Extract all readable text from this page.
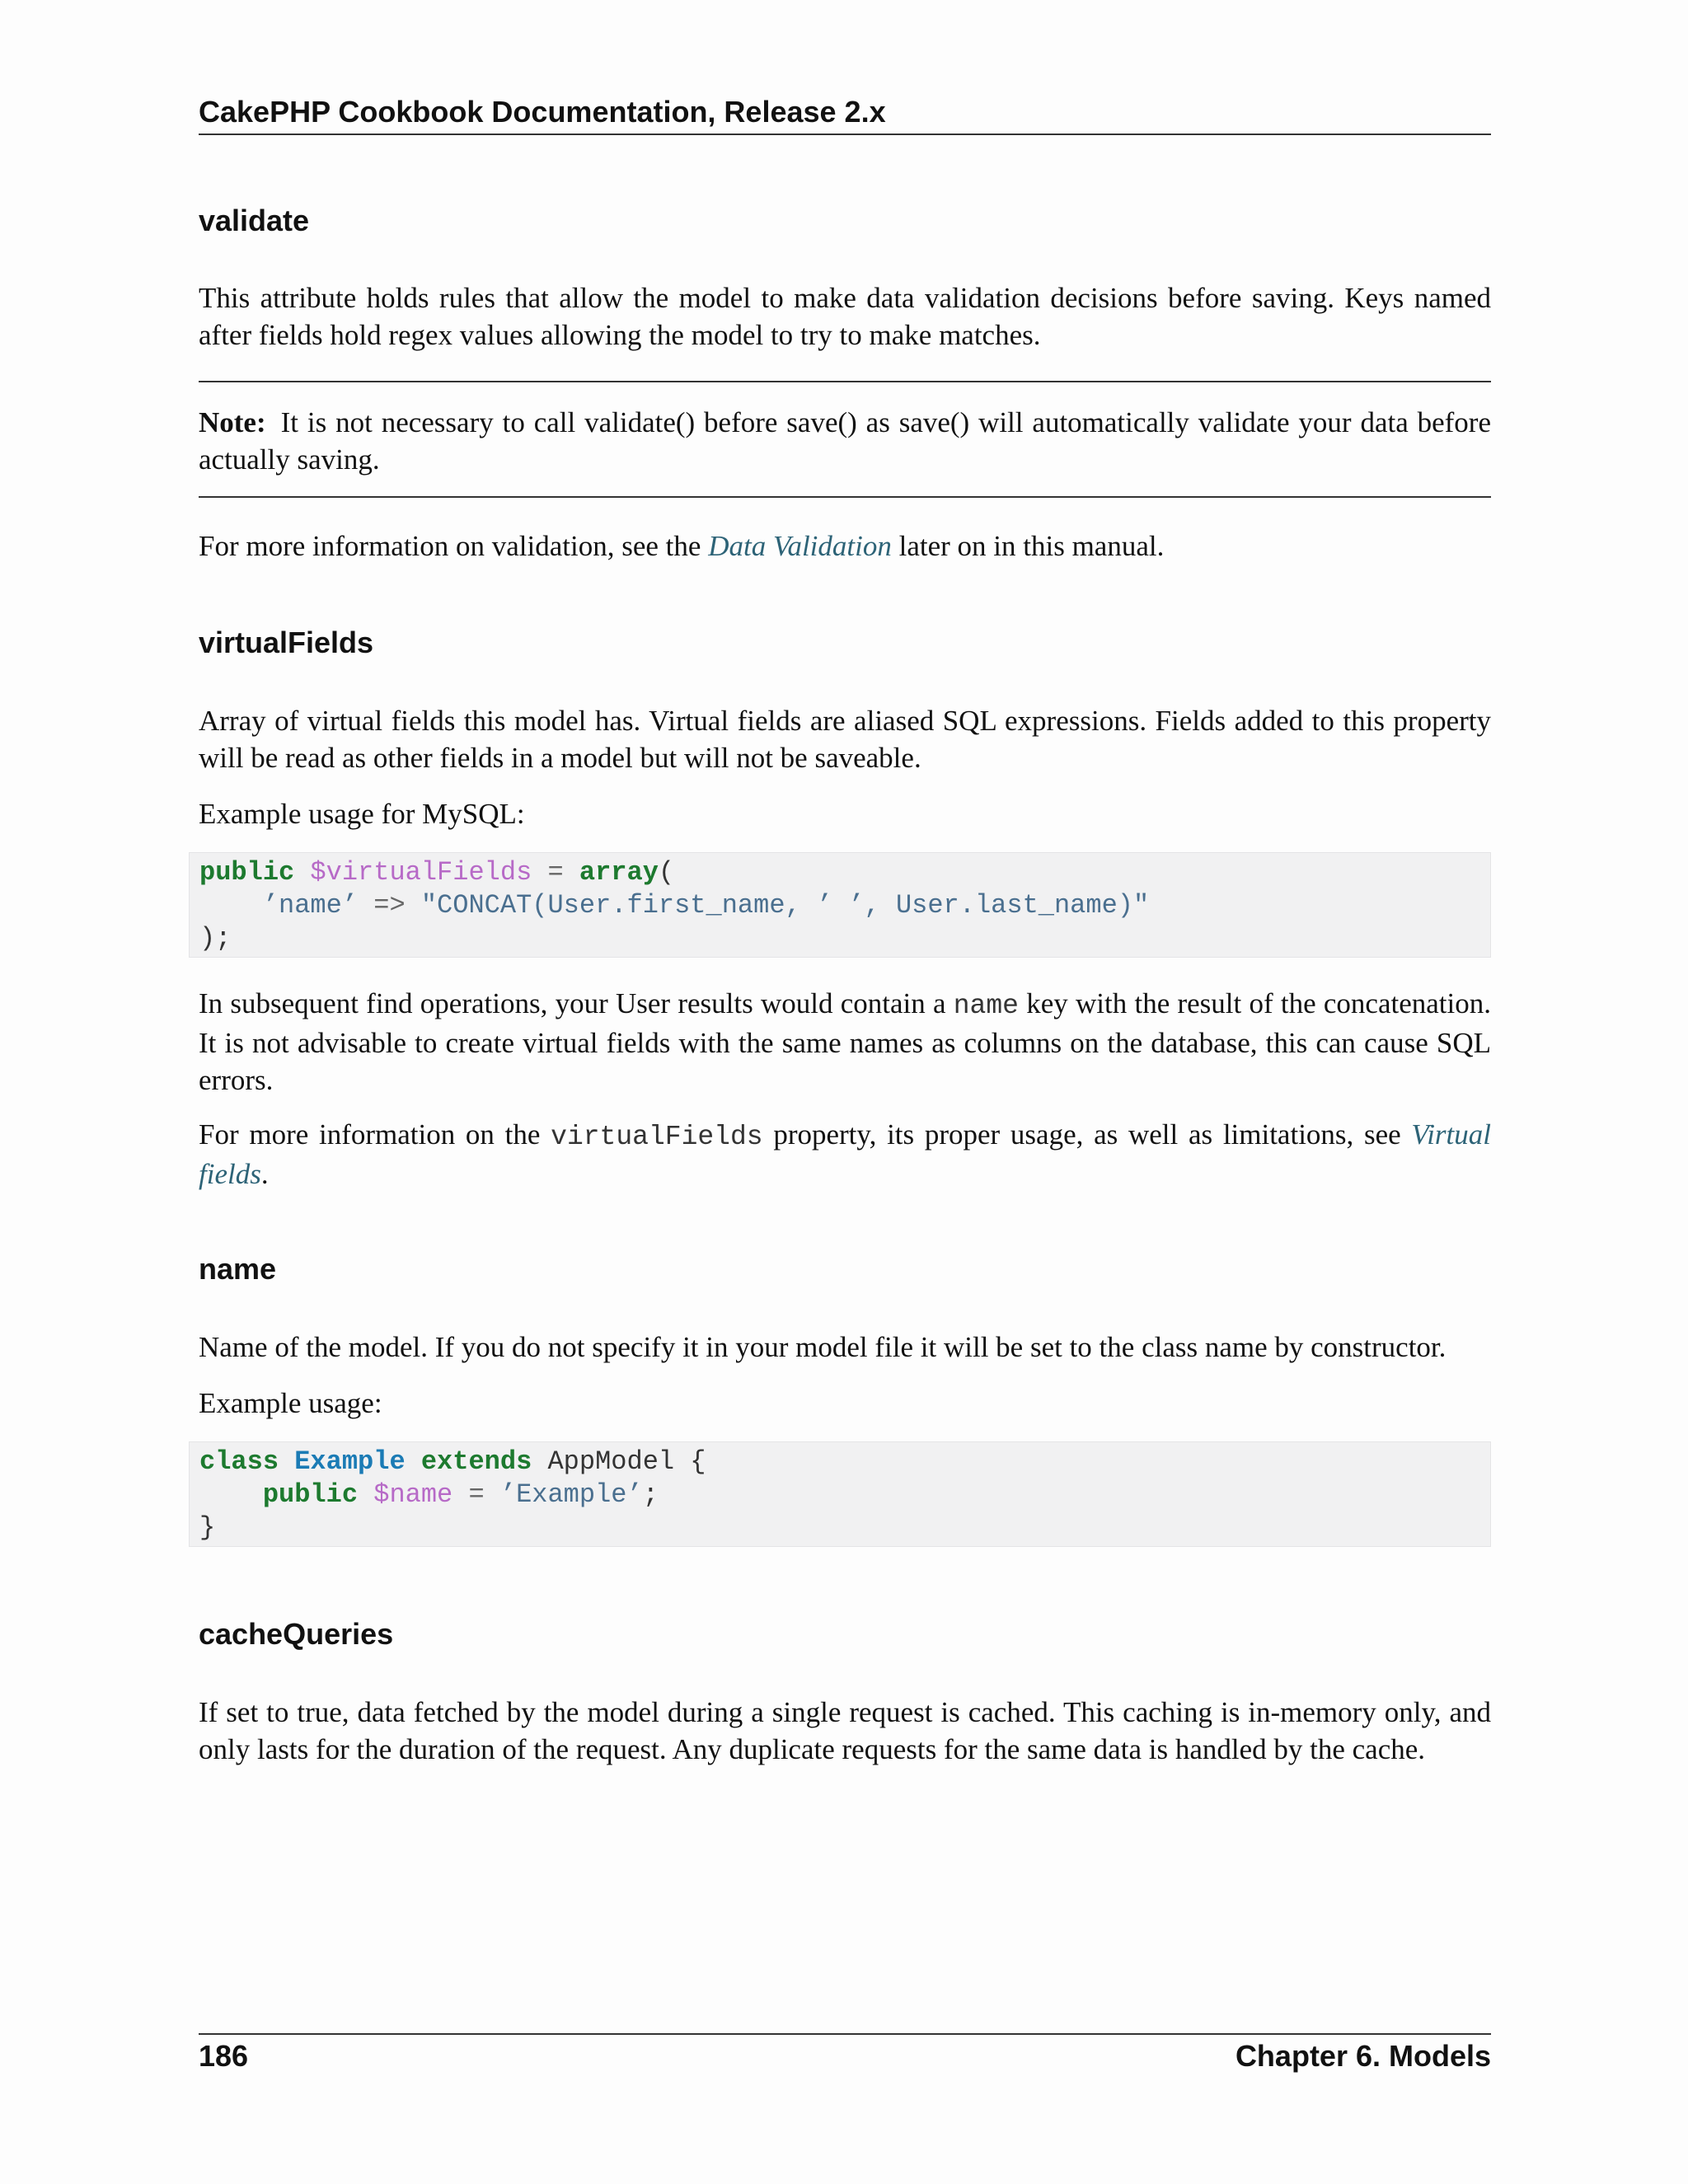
CakePHP Cookbook Documentation, Release 2.x
validate

This attribute holds rules that allow the model to make data validation decisions before saving. Keys named after fields hold regex values allowing the model to try to make matches.

Note: It is not necessary to call validate() before save() as save() will automatically validate your data before actually saving.

For more information on validation, see the Data Validation later on in this manual.

virtualFields

Array of virtual fields this model has. Virtual fields are aliased SQL expressions. Fields added to this property will be read as other fields in a model but will not be saveable.

Example usage for MySQL:

public $virtualFields = array(
’name’ => "CONCAT(User.first_name, ’ ’, User.last_name)"
);

In subsequent find operations, your User results would contain a name key with the result of the concatenation. It is not advisable to create virtual fields with the same names as columns on the database, this can cause SQL errors.

For more information on the virtualFields property, its proper usage, as well as limitations, see Virtual fields.

name

Name of the model. If you do not specify it in your model file it will be set to the class name by constructor.

Example usage:

class Example extends AppModel {
public $name = ’Example’;
}
cacheQueries

If set to true, data fetched by the model during a single request is cached. This caching is in-memory only, and only lasts for the duration of the request. Any duplicate requests for the same data is handled by the cache.

186	Chapter 6. Models
